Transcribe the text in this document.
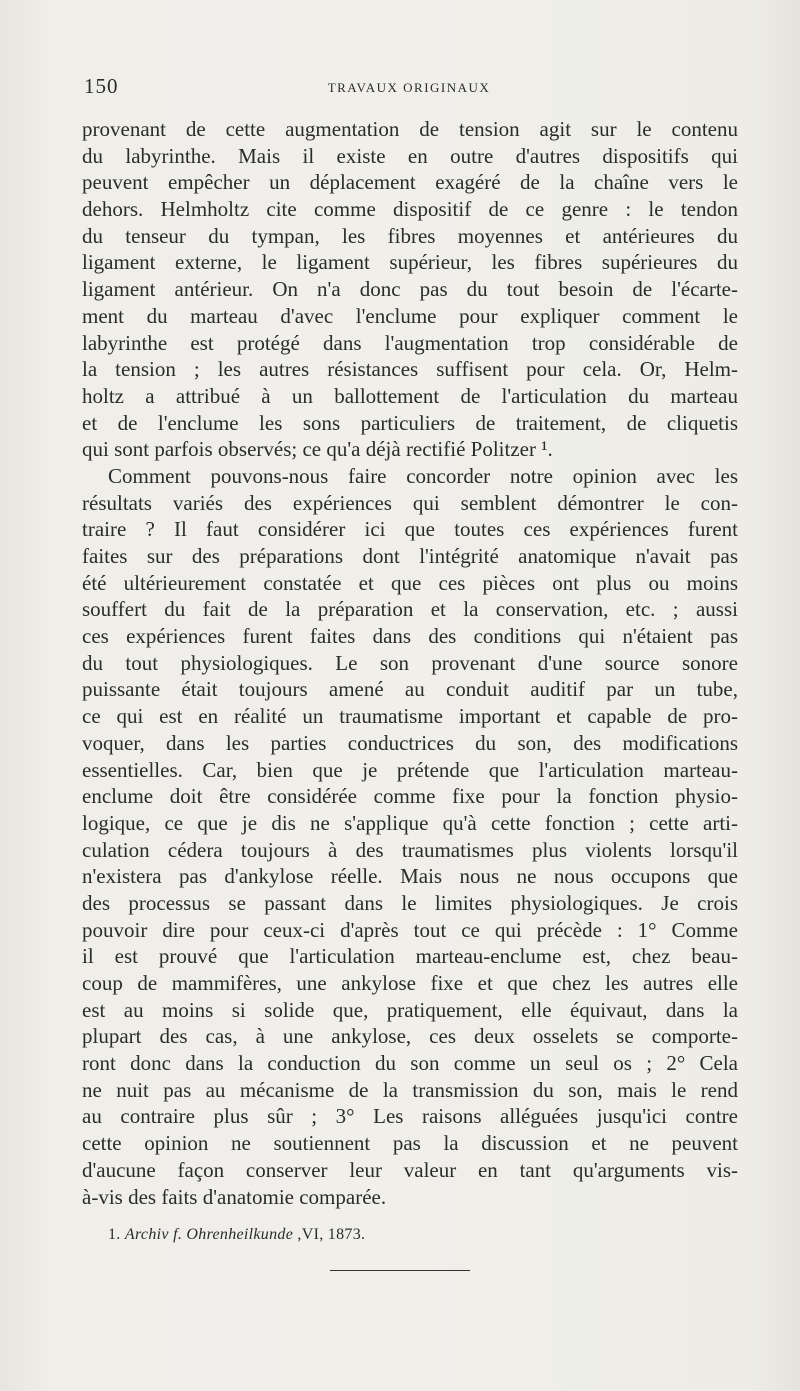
150	TRAVAUX ORIGINAUX
provenant de cette augmentation de tension agit sur le contenu
du labyrinthe. Mais il existe en outre d'autres dispositifs qui
peuvent empêcher un déplacement exagéré de la chaîne vers le
dehors. Helmholtz cite comme dispositif de ce genre : le tendon
du tenseur du tympan, les fibres moyennes et antérieures du
ligament externe, le ligament supérieur, les fibres supérieures du
ligament antérieur. On n'a donc pas du tout besoin de l'écarte-
ment du marteau d'avec l'enclume pour expliquer comment le
labyrinthe est protégé dans l'augmentation trop considérable de
la tension ; les autres résistances suffisent pour cela. Or, Helm-
holtz a attribué à un ballottement de l'articulation du marteau
et de l'enclume les sons particuliers de traitement, de cliquetis
qui sont parfois observés; ce qu'a déjà rectifié Politzer ¹.
Comment pouvons-nous faire concorder notre opinion avec les
résultats variés des expériences qui semblent démontrer le con-
traire ? Il faut considérer ici que toutes ces expériences furent
faites sur des préparations dont l'intégrité anatomique n'avait pas
été ultérieurement constatée et que ces pièces ont plus ou moins
souffert du fait de la préparation et la conservation, etc. ; aussi
ces expériences furent faites dans des conditions qui n'étaient pas
du tout physiologiques. Le son provenant d'une source sonore
puissante était toujours amené au conduit auditif par un tube,
ce qui est en réalité un traumatisme important et capable de pro-
voquer, dans les parties conductrices du son, des modifications
essentielles. Car, bien que je prétende que l'articulation marteau-
enclume doit être considérée comme fixe pour la fonction physio-
logique, ce que je dis ne s'applique qu'à cette fonction ; cette arti-
culation cédera toujours à des traumatismes plus violents lorsqu'il
n'existera pas d'ankylose réelle. Mais nous ne nous occupons que
des processus se passant dans le limites physiologiques. Je crois
pouvoir dire pour ceux-ci d'après tout ce qui précède : 1° Comme
il est prouvé que l'articulation marteau-enclume est, chez beau-
coup de mammifères, une ankylose fixe et que chez les autres elle
est au moins si solide que, pratiquement, elle équivaut, dans la
plupart des cas, à une ankylose, ces deux osselets se comporte-
ront donc dans la conduction du son comme un seul os ; 2° Cela
ne nuit pas au mécanisme de la transmission du son, mais le rend
au contraire plus sûr ; 3° Les raisons alléguées jusqu'ici contre
cette opinion ne soutiennent pas la discussion et ne peuvent
d'aucune façon conserver leur valeur en tant qu'arguments vis-
à-vis des faits d'anatomie comparée.
1. Archiv f. Ohrenheilkunde ,VI, 1873.
